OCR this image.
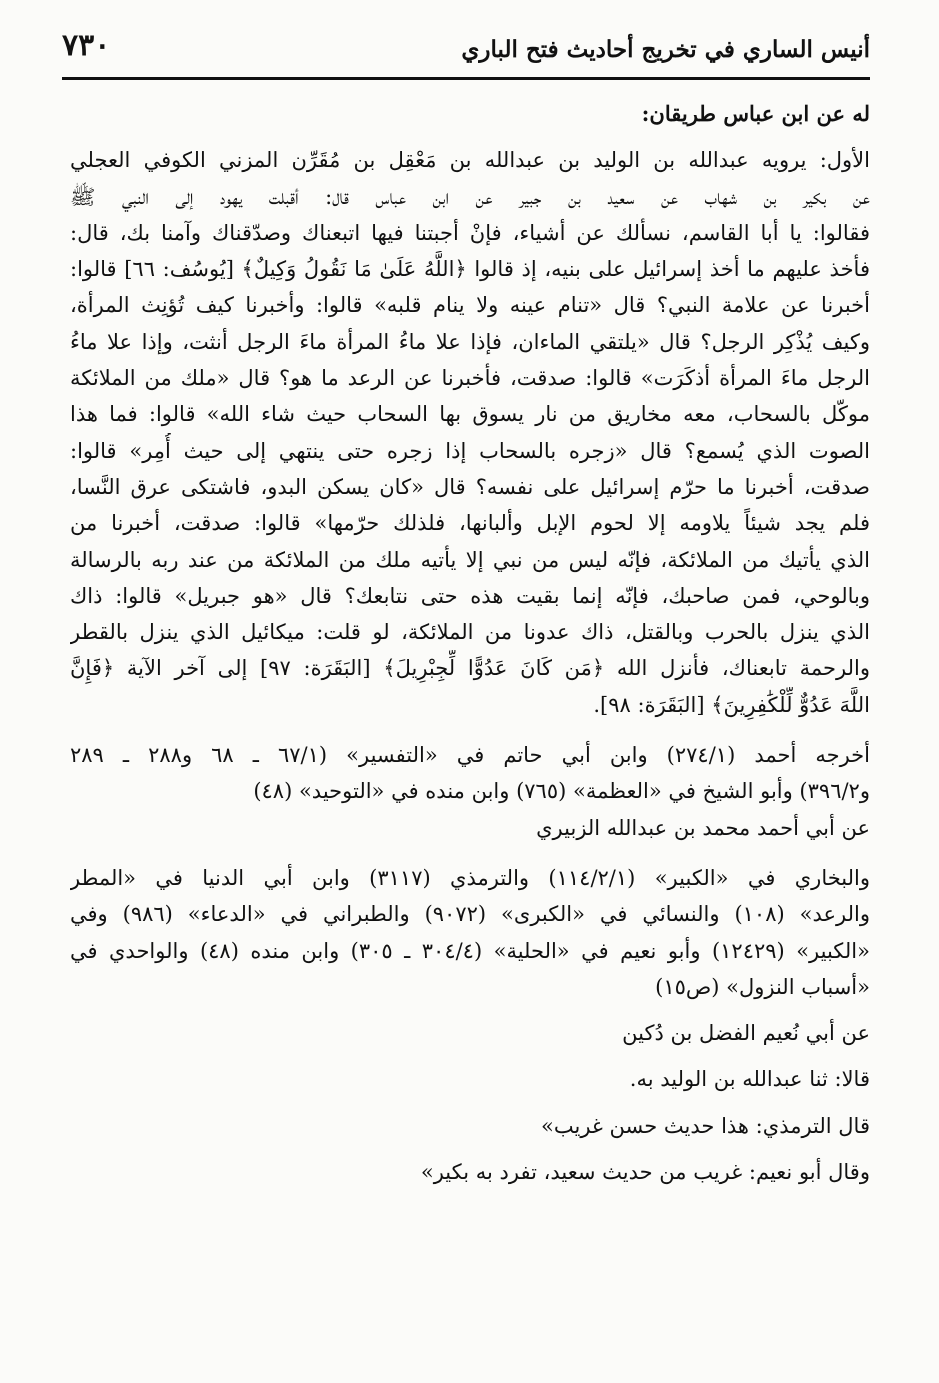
٧٣٠	أنيس الساري في تخريج أحاديث فتح الباري
له عن ابن عباس طريقان:
الأول: يرويه عبدالله بن الوليد بن عبدالله بن مَعْقِل بن مُقَرِّن المزني الكوفي العجلي
عن بكير بن شهاب عن سعيد بن جبير عن ابن عباس قال: أقبلت يهود إلى النبي ﷺ
فقالوا: يا أبا القاسم، نسألك عن أشياء، فإنْ أجبتنا فيها اتبعناك وصدّقناك وآمنا بك، قال:
فأخذ عليهم ما أخذ إسرائيل على بنيه، إذ قالوا ﴿اللَّهُ عَلَىٰ مَا نَقُولُ وَكِيلٌ﴾ [يُوسُف: ٦٦] قالوا:
أخبرنا عن علامة النبي؟ قال «تنام عينه ولا ينام قلبه» قالوا: وأخبرنا كيف تُؤنِث المرأة،
وكيف يُذْكِر الرجل؟ قال «يلتقي الماءان، فإذا علا ماءُ المرأة ماءَ الرجل أنثت، وإذا علا ماءُ
الرجل ماءَ المرأة أذكَرَت» قالوا: صدقت، فأخبرنا عن الرعد ما هو؟ قال «ملك من الملائكة
موكّل بالسحاب، معه مخاريق من نار يسوق بها السحاب حيث شاء الله» قالوا: فما هذا
الصوت الذي يُسمع؟ قال «زجره بالسحاب إذا زجره حتى ينتهي إلى حيث أُمِر» قالوا:
صدقت، أخبرنا ما حرّم إسرائيل على نفسه؟ قال «كان يسكن البدو، فاشتكى عرق النَّسا،
فلم يجد شيئاً يلاومه إلا لحوم الإبل وألبانها، فلذلك حرّمها» قالوا: صدقت، أخبرنا من
الذي يأتيك من الملائكة، فإنّه ليس من نبي إلا يأتيه ملك من الملائكة من عند ربه بالرسالة
وبالوحي، فمن صاحبك، فإنّه إنما بقيت هذه حتى نتابعك؟ قال «هو جبريل» قالوا: ذاك
الذي ينزل بالحرب وبالقتل، ذاك عدونا من الملائكة، لو قلت: ميكائيل الذي ينزل بالقطر
والرحمة تابعناك، فأنزل الله ﴿مَن كَانَ عَدُوًّا لِّجِبْرِيلَ﴾ [البَقَرَة: ٩٧] إلى آخر الآية ﴿فَإِنَّ
اللَّهَ عَدُوٌّ لِّلْكَٰفِرِينَ﴾ [البَقَرَة: ٩٨].
أخرجه أحمد (٢٧٤/١) وابن أبي حاتم في «التفسير» (٦٧/١ ـ ٦٨ و٢٨٨ ـ ٢٨٩
و٣٩٦/٢) وأبو الشيخ في «العظمة» (٧٦٥) وابن منده في «التوحيد» (٤٨)
عن أبي أحمد محمد بن عبدالله الزبيري
والبخاري في «الكبير» (١١٤/٢/١) والترمذي (٣١١٧) وابن أبي الدنيا في «المطر
والرعد» (١٠٨) والنسائي في «الكبرى» (٩٠٧٢) والطبراني في «الدعاء» (٩٨٦) وفي
«الكبير» (١٢٤٢٩) وأبو نعيم في «الحلية» (٣٠٤/٤ ـ ٣٠٥) وابن منده (٤٨) والواحدي في
«أسباب النزول» (ص١٥)
عن أبي نُعيم الفضل بن دُكين
قالا: ثنا عبدالله بن الوليد به.
قال الترمذي: هذا حديث حسن غريب»
وقال أبو نعيم: غريب من حديث سعيد، تفرد به بكير»
